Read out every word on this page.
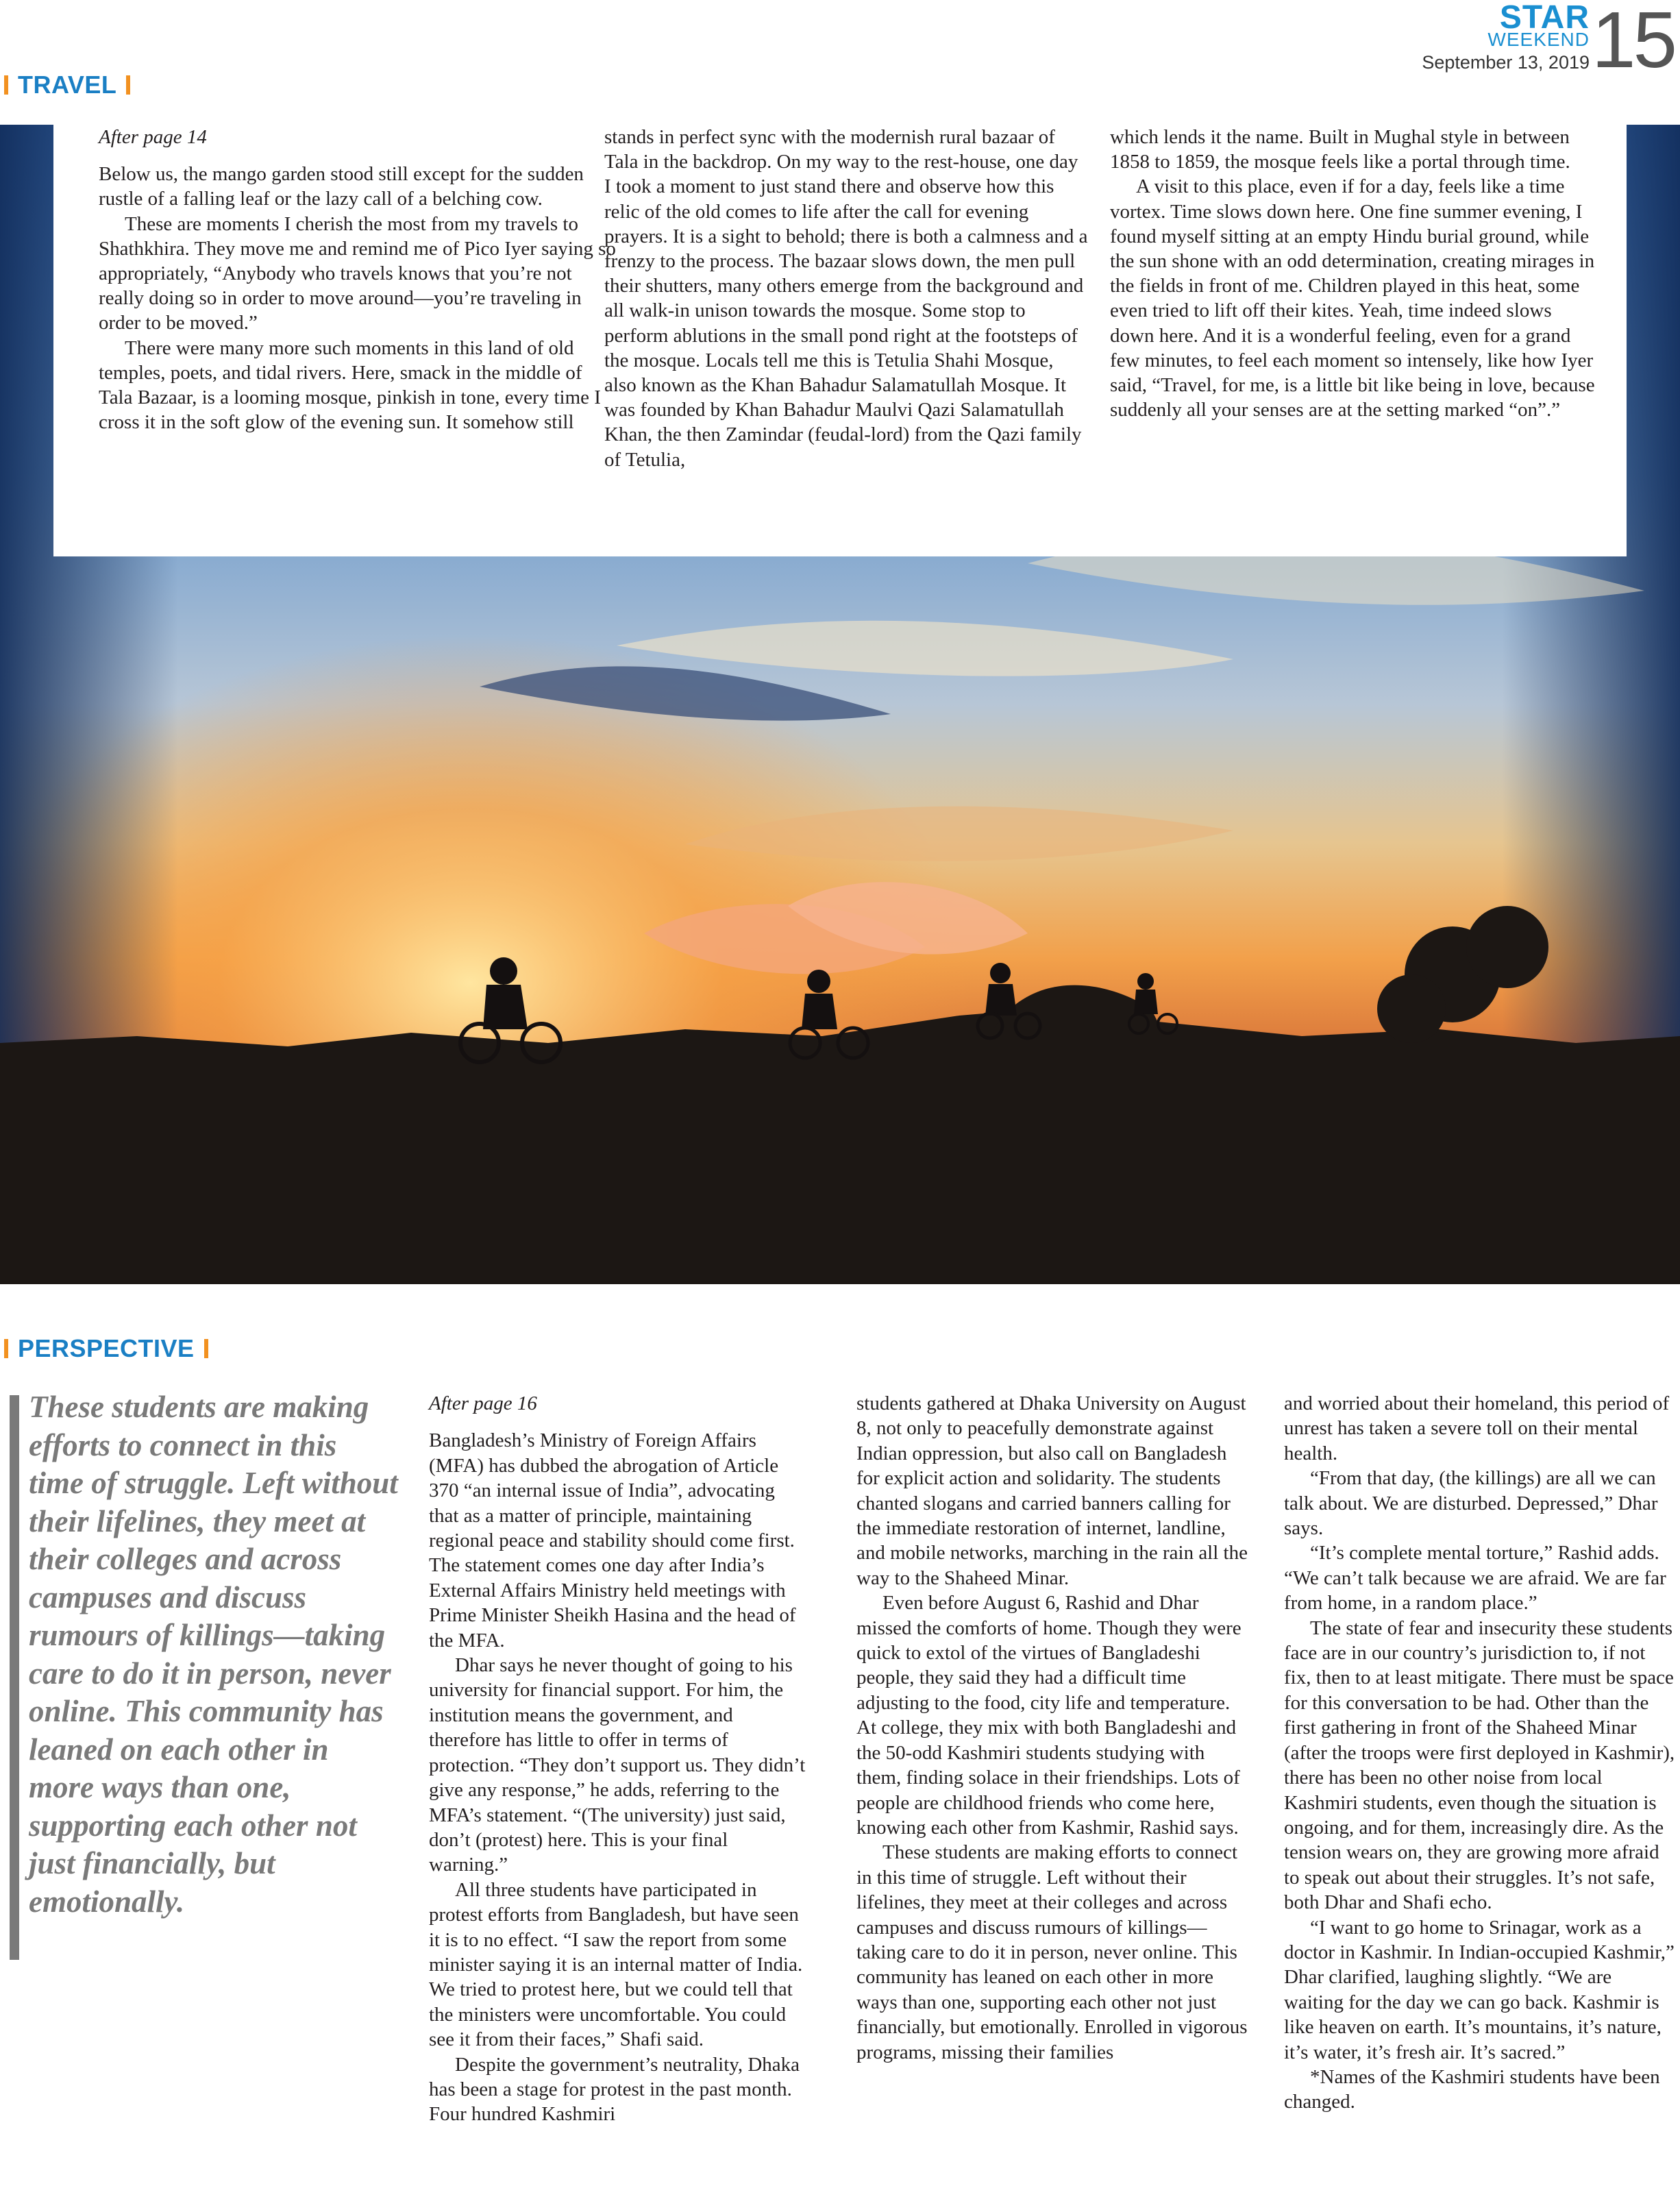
STAR
WEEKEND
September 13, 2019 15
TRAVEL

After page 14

Below us, the mango garden stood still except for the sudden rustle of a falling leaf or the lazy call of a belching cow.

These are moments I cherish the most from my travels to Shathkhira. They move me and remind me of Pico Iyer saying so appropriately, “Anybody who travels knows that you’re not really doing so in order to move around—you’re traveling in order to be moved.”

There were many more such moments in this land of old temples, poets, and tidal rivers. Here, smack in the middle of Tala Bazaar, is a looming mosque, pinkish in tone, every time I cross it in the soft glow of the evening sun. It somehow still

stands in perfect sync with the modernish rural bazaar of Tala in the backdrop. On my way to the rest-house, one day I took a moment to just stand there and observe how this relic of the old comes to life after the call for evening prayers. It is a sight to behold; there is both a calmness and a frenzy to the process. The bazaar slows down, the men pull their shutters, many others emerge from the background and all walk-in unison towards the mosque. Some stop to perform ablutions in the small pond right at the footsteps of the mosque. Locals tell me this is Tetulia Shahi Mosque, also known as the Khan Bahadur Salamatullah Mosque. It was founded by Khan Bahadur Maulvi Qazi Salamatullah Khan, the then Zamindar (feudal-lord) from the Qazi family of Tetulia,

which lends it the name. Built in Mughal style in between 1858 to 1859, the mosque feels like a portal through time.

A visit to this place, even if for a day, feels like a time vortex. Time slows down here. One fine summer evening, I found myself sitting at an empty Hindu burial ground, while the sun shone with an odd determination, creating mirages in the fields in front of me. Children played in this heat, some even tried to lift off their kites. Yeah, time indeed slows down here. And it is a wonderful feeling, even for a grand few minutes, to feel each moment so intensely, like how Iyer said, “Travel, for me, is a little bit like being in love, because suddenly all your senses are at the setting marked “on”.”

PERSPECTIVE
These students are making efforts to connect in this time of struggle. Left without their lifelines, they meet at their colleges and across campuses and discuss rumours of killings—taking care to do it in person, never online. This community has leaned on each other in more ways than one, supporting each other not just financially, but emotionally.

After page 16

Bangladesh’s Ministry of Foreign Affairs (MFA) has dubbed the abrogation of Article 370 “an internal issue of India”, advocating that as a matter of principle, maintaining regional peace and stability should come first. The statement comes one day after India’s External Affairs Ministry held meetings with Prime Minister Sheikh Hasina and the head of the MFA.

Dhar says he never thought of going to his university for financial support. For him, the institution means the government, and therefore has little to offer in terms of protection. “They don’t support us. They didn’t give any response,” he adds, referring to the MFA’s statement. “(The university) just said, don’t (protest) here. This is your final warning.”

All three students have participated in protest efforts from Bangladesh, but have seen it is to no effect. “I saw the report from some minister saying it is an internal matter of India. We tried to protest here, but we could tell that the ministers were uncomfortable. You could see it from their faces,” Shafi said.

Despite the government’s neutrality, Dhaka has been a stage for protest in the past month. Four hundred Kashmiri

students gathered at Dhaka University on August 8, not only to peacefully demonstrate against Indian oppression, but also call on Bangladesh for explicit action and solidarity. The students chanted slogans and carried banners calling for the immediate restoration of internet, landline, and mobile networks, marching in the rain all the way to the Shaheed Minar.

Even before August 6, Rashid and Dhar missed the comforts of home. Though they were quick to extol of the virtues of Bangladeshi people, they said they had a difficult time adjusting to the food, city life and temperature. At college, they mix with both Bangladeshi and the 50-odd Kashmiri students studying with them, finding solace in their friendships. Lots of people are childhood friends who come here, knowing each other from Kashmir, Rashid says.

These students are making efforts to connect in this time of struggle. Left without their lifelines, they meet at their colleges and across campuses and discuss rumours of killings—taking care to do it in person, never online. This community has leaned on each other in more ways than one, supporting each other not just financially, but emotionally. Enrolled in vigorous programs, missing their families

and worried about their homeland, this period of unrest has taken a severe toll on their mental health.

“From that day, (the killings) are all we can talk about. We are disturbed. Depressed,” Dhar says.

“It’s complete mental torture,” Rashid adds. “We can’t talk because we are afraid. We are far from home, in a random place.”

The state of fear and insecurity these students face are in our country’s jurisdiction to, if not fix, then to at least mitigate. There must be space for this conversation to be had. Other than the first gathering in front of the Shaheed Minar (after the troops were first deployed in Kashmir), there has been no other noise from local Kashmiri students, even though the situation is ongoing, and for them, increasingly dire. As the tension wears on, they are growing more afraid to speak out about their struggles. It’s not safe, both Dhar and Shafi echo.

“I want to go home to Srinagar, work as a doctor in Kashmir. In Indian-occupied Kashmir,” Dhar clarified, laughing slightly. “We are waiting for the day we can go back. Kashmir is like heaven on earth. It’s mountains, it’s nature, it’s water, it’s fresh air. It’s sacred.”

*Names of the Kashmiri students have been changed.
